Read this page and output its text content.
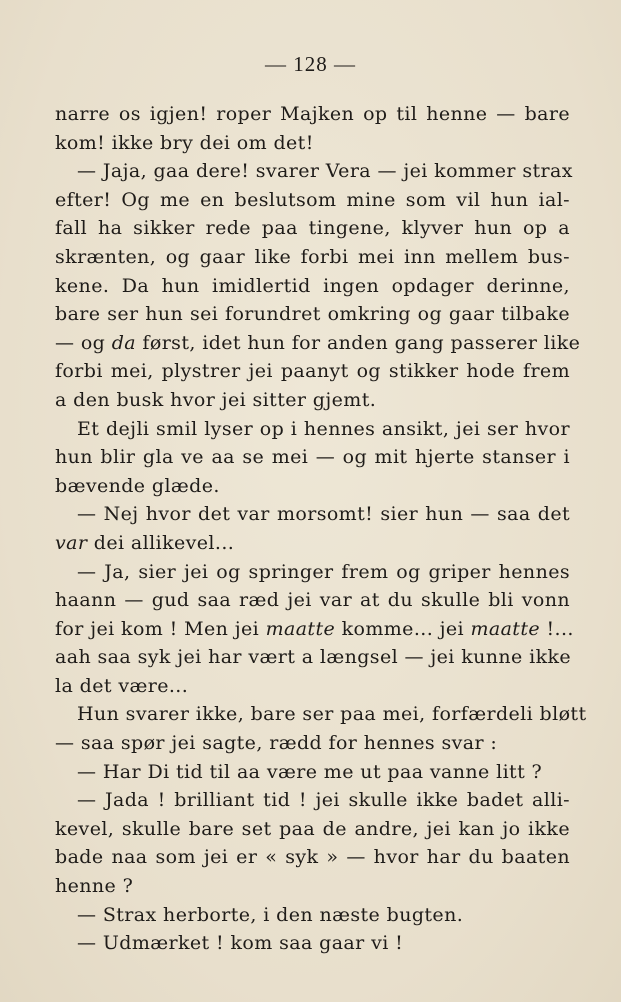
— 128 —
narre os igjen! roper Majken op til henne — bare
kom! ikke bry dei om det!
— Jaja, gaa dere! svarer Vera — jei kommer strax
efter! Og me en beslutsom mine som vil hun ial-
fall ha sikker rede paa tingene, klyver hun op a
skrænten, og gaar like forbi mei inn mellem bus-
kene. Da hun imidlertid ingen opdager derinne,
bare ser hun sei forundret omkring og gaar tilbake
— og da først, idet hun for anden gang passerer like
forbi mei, plystrer jei paanyt og stikker hode frem
a den busk hvor jei sitter gjemt.
Et dejli smil lyser op i hennes ansikt, jei ser hvor
hun blir gla ve aa se mei — og mit hjerte stanser i
bævende glæde.
— Nej hvor det var morsomt! sier hun — saa det
var dei allikevel...
— Ja, sier jei og springer frem og griper hennes
haann — gud saa ræd jei var at du skulle bli vonn
for jei kom ! Men jei maatte komme... jei maatte !...
aah saa syk jei har vært a længsel — jei kunne ikke
la det være...
Hun svarer ikke, bare ser paa mei, forfærdeli bløtt
— saa spør jei sagte, rædd for hennes svar :
— Har Di tid til aa være me ut paa vanne litt ?
— Jada ! brilliant tid ! jei skulle ikke badet alli-
kevel, skulle bare set paa de andre, jei kan jo ikke
bade naa som jei er « syk » — hvor har du baaten
henne ?
— Strax herborte, i den næste bugten.
— Udmærket ! kom saa gaar vi !
